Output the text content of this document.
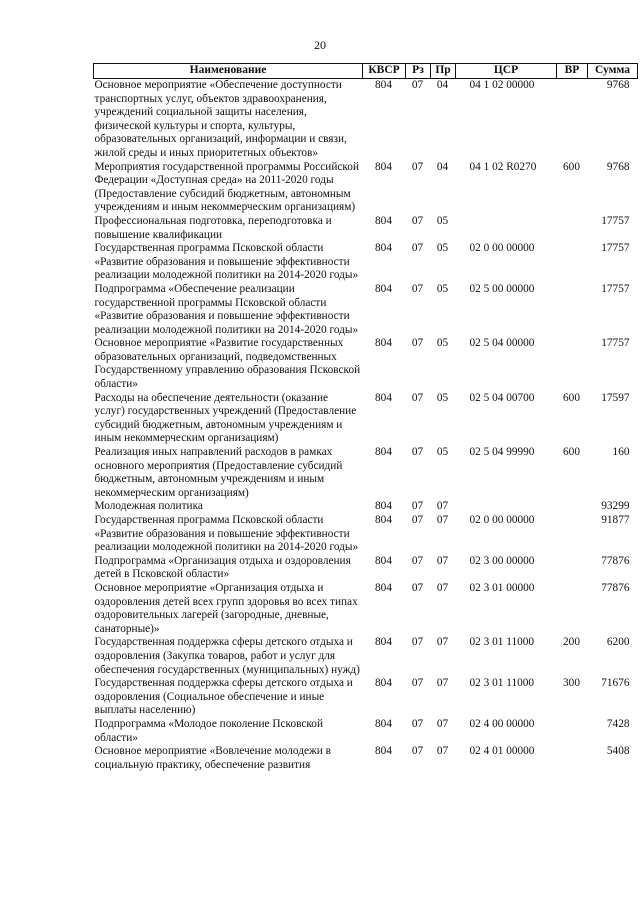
20
Наименование	КВСР	Рз	Пр	ЦСР	ВР	Сумма
Основное мероприятие «Обеспечение доступности транспортных услуг, объектов здравоохранения, учреждений социальной защиты населения, физической культуры и спорта, культуры, образовательных организаций, информации и связи, жилой среды и иных приоритетных объектов»	804	07	04	04 1 02 00000		9768
Мероприятия государственной программы Российской Федерации «Доступная среда» на 2011-2020 годы (Предоставление субсидий бюджетным, автономным учреждениям и иным некоммерческим организациям)	804	07	04	04 1 02 R0270	600	9768
Профессиональная подготовка, переподготовка и повышение квалификации	804	07	05			17757
Государственная программа Псковской области «Развитие образования и повышение эффективности реализации молодежной политики на 2014-2020 годы»	804	07	05	02 0 00 00000		17757
Подпрограмма «Обеспечение реализации государственной программы Псковской области «Развитие образования и повышение эффективности реализации молодежной политики на 2014-2020 годы»	804	07	05	02 5 00 00000		17757
Основное мероприятие «Развитие государственных образовательных организаций, подведомственных Государственному управлению образования Псковской области»	804	07	05	02 5 04 00000		17757
Расходы на обеспечение деятельности (оказание услуг) государственных учреждений (Предоставление субсидий бюджетным, автономным учреждениям и иным некоммерческим организациям)	804	07	05	02 5 04 00700	600	17597
Реализация иных направлений расходов в рамках основного мероприятия (Предоставление субсидий бюджетным, автономным учреждениям и иным некоммерческим организациям)	804	07	05	02 5 04 99990	600	160
Молодежная политика	804	07	07			93299
Государственная программа Псковской области «Развитие образования и повышение эффективности реализации молодежной политики на 2014-2020 годы»	804	07	07	02 0 00 00000		91877
Подпрограмма «Организация отдыха и оздоровления детей в Псковской области»	804	07	07	02 3 00 00000		77876
Основное мероприятие «Организация отдыха и оздоровления детей всех групп здоровья во всех типах оздоровительных лагерей (загородные, дневные, санаторные)»	804	07	07	02 3 01 00000		77876
Государственная поддержка сферы детского отдыха и оздоровления (Закупка товаров, работ и услуг для обеспечения государственных (муниципальных) нужд)	804	07	07	02 3 01 11000	200	6200
Государственная поддержка сферы детского отдыха и оздоровления (Социальное обеспечение и иные выплаты населению)	804	07	07	02 3 01 11000	300	71676
Подпрограмма «Молодое поколение Псковской области»	804	07	07	02 4 00 00000		7428
Основное мероприятие «Вовлечение молодежи в социальную практику, обеспечение развития	804	07	07	02 4 01 00000		5408
